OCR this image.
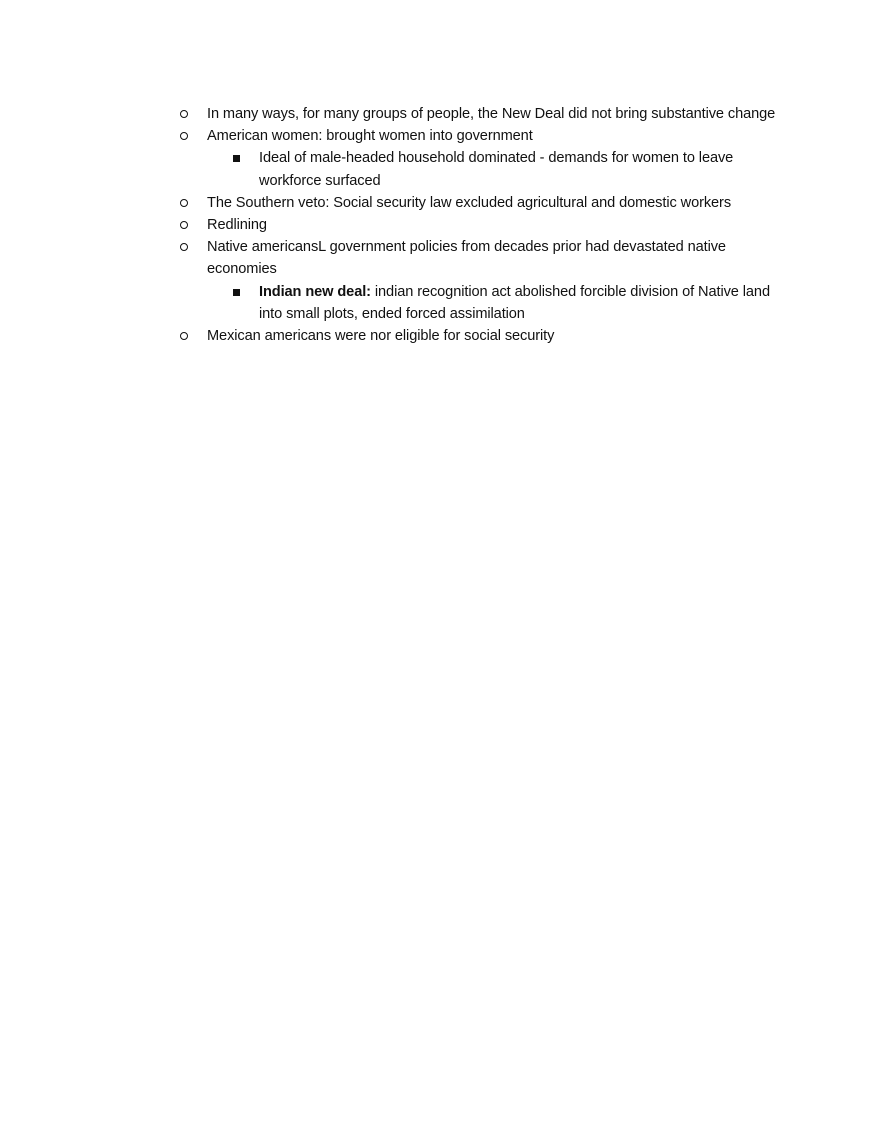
In many ways, for many groups of people, the New Deal did not bring substantive change
American women: brought women into government
Ideal of male-headed household dominated - demands for women to leave workforce surfaced
The Southern veto: Social security law excluded agricultural and domestic workers
Redlining
Native americansL government policies from decades prior had devastated native economies
Indian new deal: indian recognition act abolished forcible division of Native land into small plots, ended forced assimilation
Mexican americans were nor eligible for social security
